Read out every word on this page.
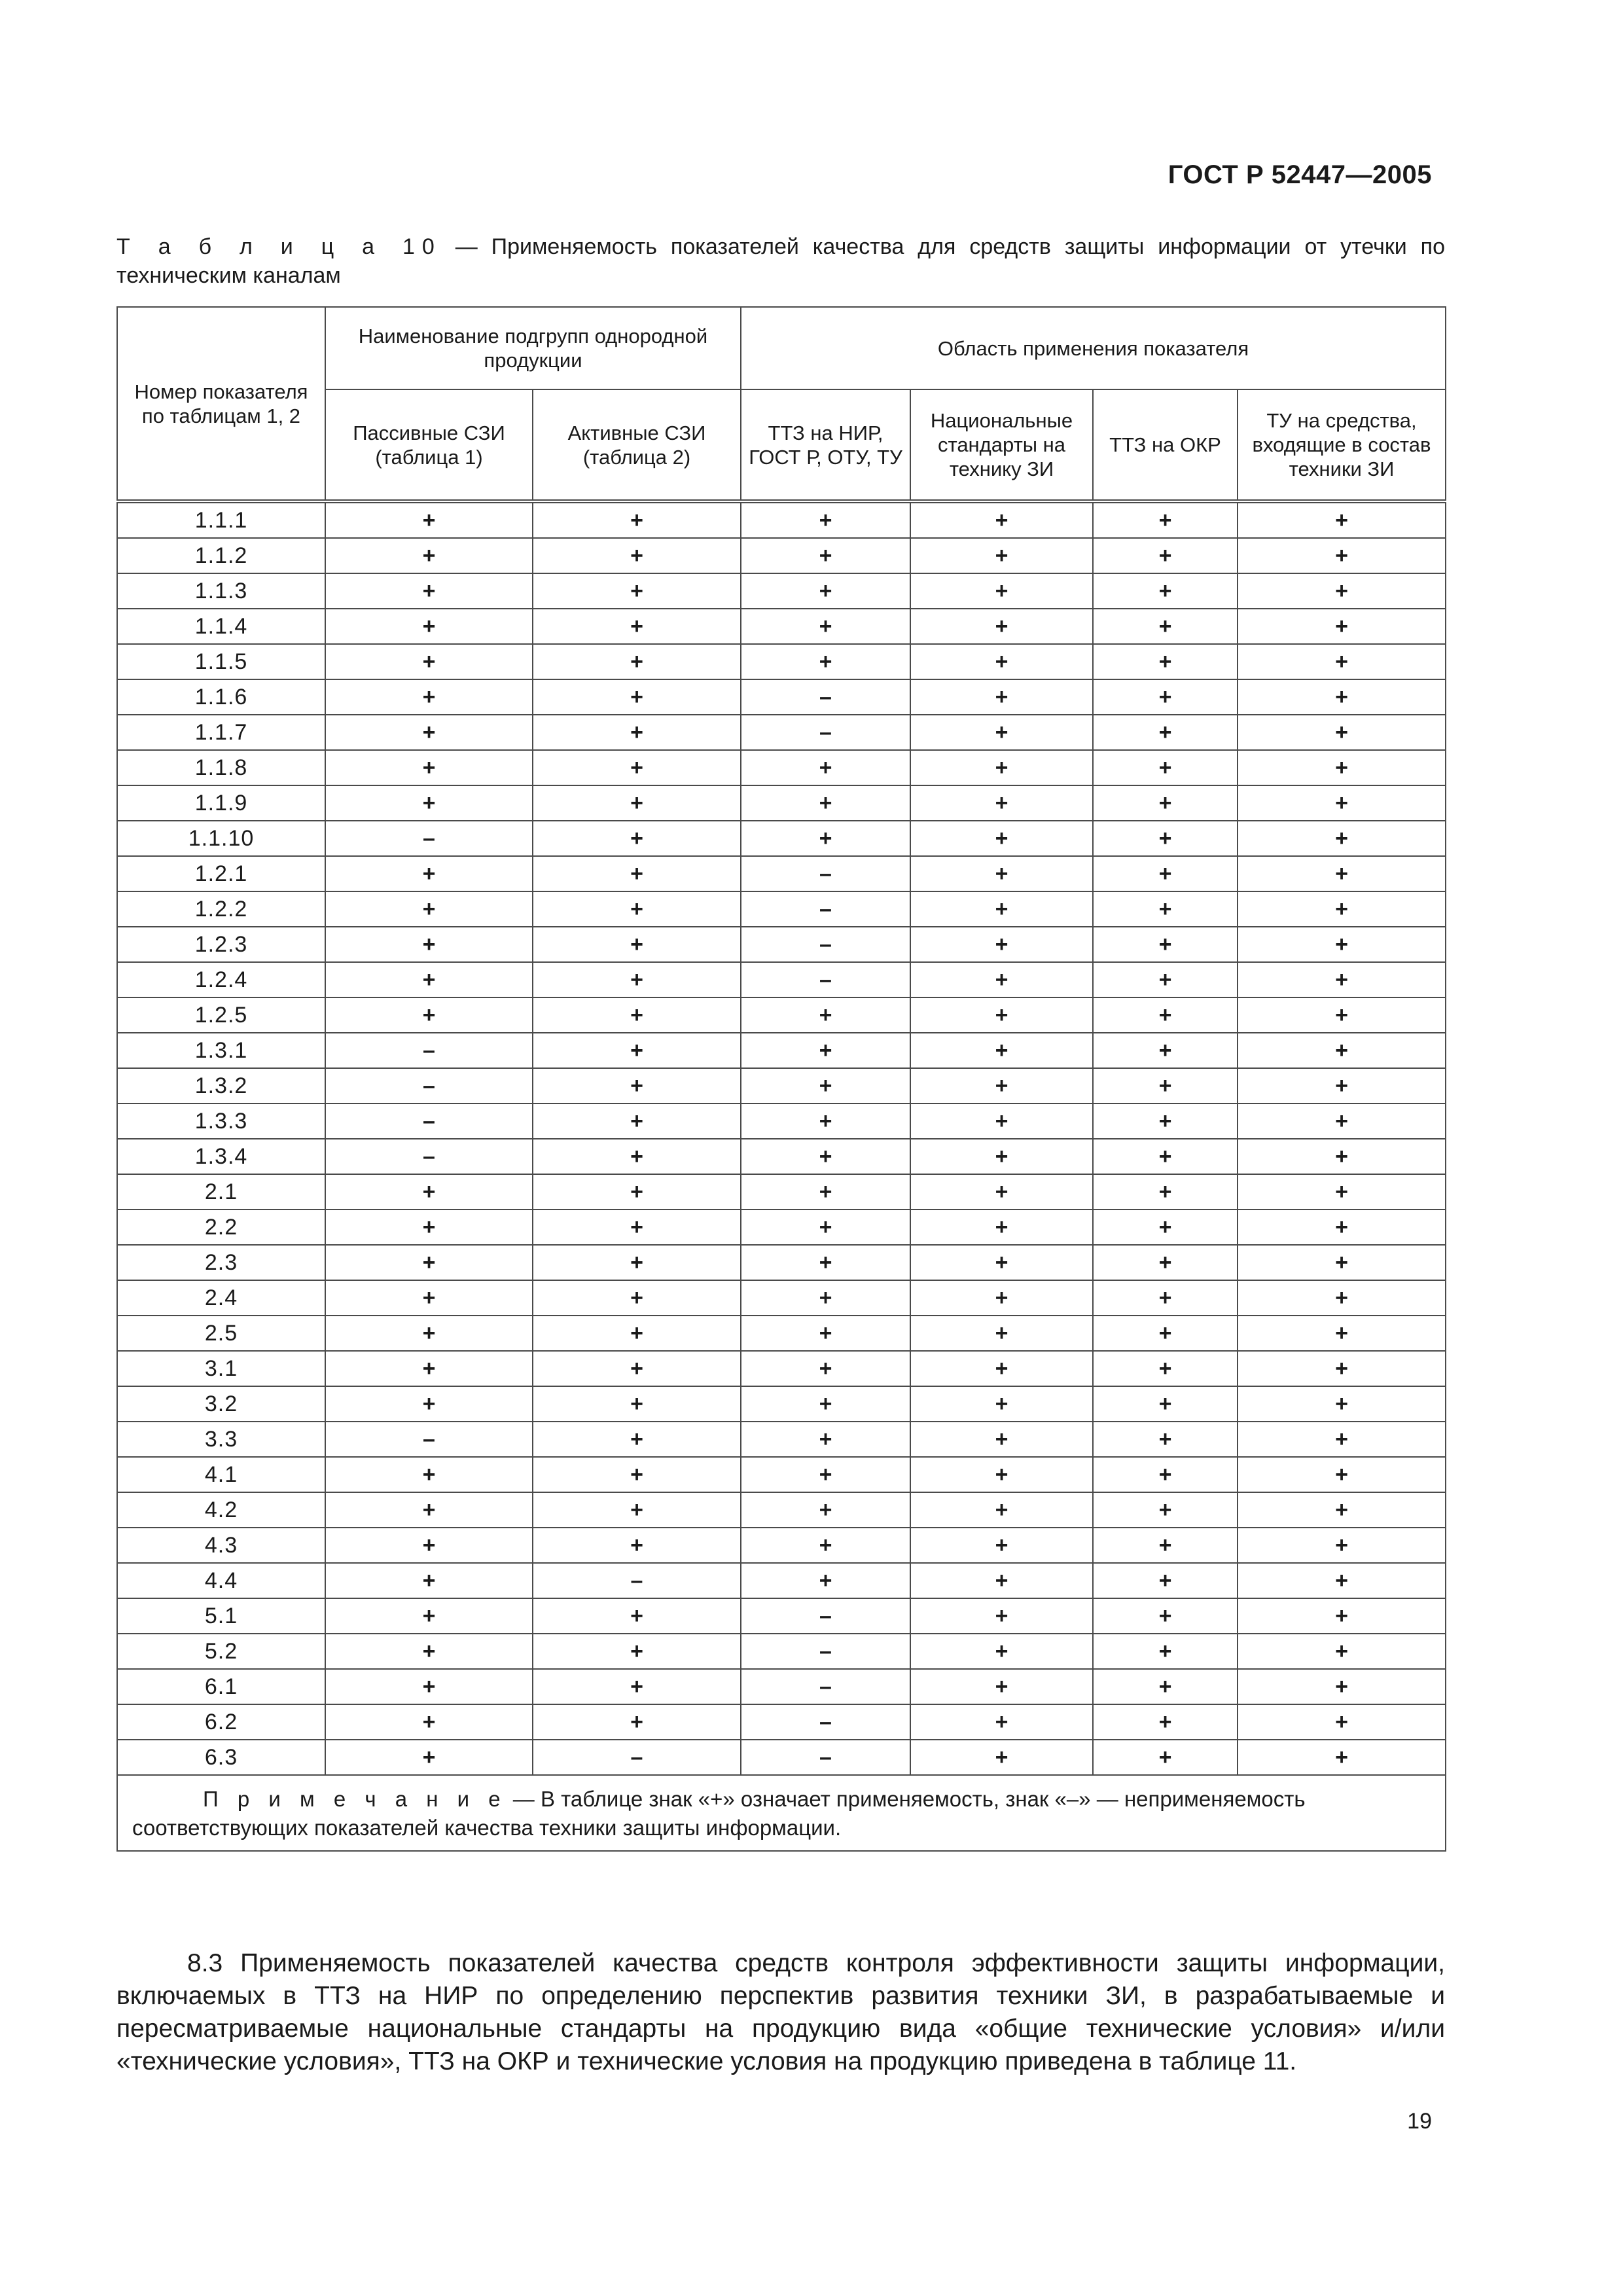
ГОСТ Р 52447—2005
Т а б л и ц а 10 — Применяемость показателей качества для средств защиты информации от утечки по техническим каналам
Номер показателя по таблицам 1, 2	Наименование подгрупп однородной продукции		Область применения показателя			
	Пассивные СЗИ (таблица 1)	Активные СЗИ (таблица 2)	ТТЗ на НИР, ГОСТ Р, ОТУ, ТУ	Национальные стандарты на технику ЗИ	ТТЗ на ОКР	ТУ на средства, входящие в состав техники ЗИ
1.1.1	+	+	+	+	+	+
1.1.2	+	+	+	+	+	+
1.1.3	+	+	+	+	+	+
1.1.4	+	+	+	+	+	+
1.1.5	+	+	+	+	+	+
1.1.6	+	+	–	+	+	+
1.1.7	+	+	–	+	+	+
1.1.8	+	+	+	+	+	+
1.1.9	+	+	+	+	+	+
1.1.10	–	+	+	+	+	+
1.2.1	+	+	–	+	+	+
1.2.2	+	+	–	+	+	+
1.2.3	+	+	–	+	+	+
1.2.4	+	+	–	+	+	+
1.2.5	+	+	+	+	+	+
1.3.1	–	+	+	+	+	+
1.3.2	–	+	+	+	+	+
1.3.3	–	+	+	+	+	+
1.3.4	–	+	+	+	+	+
2.1	+	+	+	+	+	+
2.2	+	+	+	+	+	+
2.3	+	+	+	+	+	+
2.4	+	+	+	+	+	+
2.5	+	+	+	+	+	+
3.1	+	+	+	+	+	+
3.2	+	+	+	+	+	+
3.3	–	+	+	+	+	+
4.1	+	+	+	+	+	+
4.2	+	+	+	+	+	+
4.3	+	+	+	+	+	+
4.4	+	–	+	+	+	+
5.1	+	+	–	+	+	+
5.2	+	+	–	+	+	+
6.1	+	+	–	+	+	+
6.2	+	+	–	+	+	+
6.3	+	–	–	+	+	+
П р и м е ч а н и е — В таблице знак «+» означает применяемость, знак «–» — неприменяемость соответствующих показателей качества техники защиты информации.						
8.3 Применяемость показателей качества средств контроля эффективности защиты информации, включаемых в ТТЗ на НИР по определению перспектив развития техники ЗИ, в разрабатываемые и пересматриваемые национальные стандарты на продукцию вида «общие технические условия» и/или «технические условия», ТТЗ на ОКР и технические условия на продукцию приведена в таблице 11.
19
